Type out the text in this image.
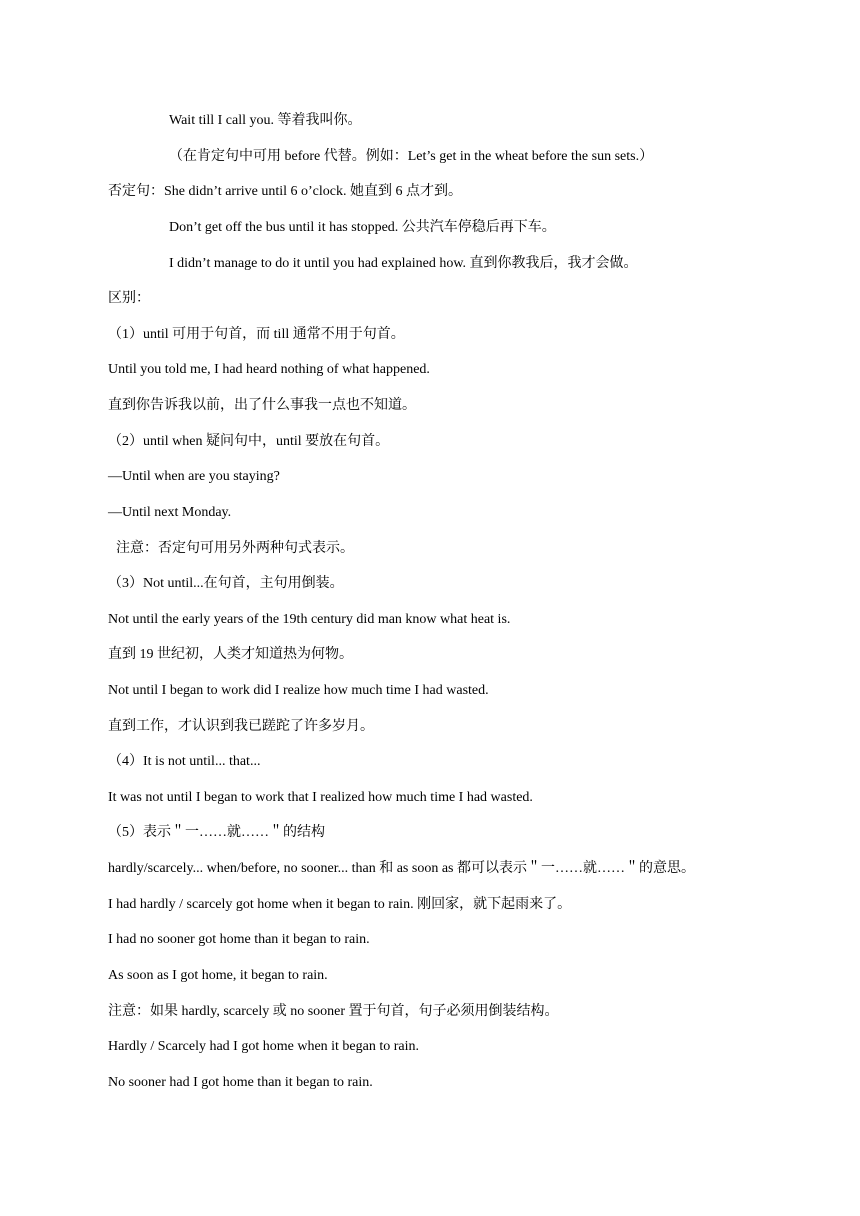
Wait till I call you. 等着我叫你。
（在肯定句中可用 before 代替。例如：Let’s get in the wheat before the sun sets.）
否定句：She didn’t arrive until 6 o’clock. 她直到 6 点才到。
Don’t get off the bus until it has stopped. 公共汽车停稳后再下车。
I didn’t manage to do it until you had explained how. 直到你教我后，我才会做。
区别：
（1）until 可用于句首，而 till 通常不用于句首。
Until you told me, I had heard nothing of what happened.
直到你告诉我以前，出了什么事我一点也不知道。
（2）until when 疑问句中，until 要放在句首。
—Until when are you staying?
—Until next Monday.
注意：否定句可用另外两种句式表示。
（3）Not until...在句首，主句用倒装。
Not until the early years of the 19th century did man know what heat is.
直到 19 世纪初，人类才知道热为何物。
Not until I began to work did I realize how much time I had wasted.
直到工作，才认识到我已蹉跎了许多岁月。
（4）It is not until... that...
It was not until I began to work that I realized how much time I had wasted.
（5）表示＂一……就……＂的结构
hardly/scarcely... when/before, no sooner... than 和 as soon as 都可以表示＂一……就……＂的意思。
I had hardly / scarcely got home when it began to rain. 刚回家，就下起雨来了。
I had no sooner got home than it began to rain.
As soon as I got home, it began to rain.
注意：如果 hardly, scarcely 或 no sooner 置于句首，句子必须用倒装结构。
Hardly / Scarcely had I got home when it began to rain.
No sooner had I got home than it began to rain.
